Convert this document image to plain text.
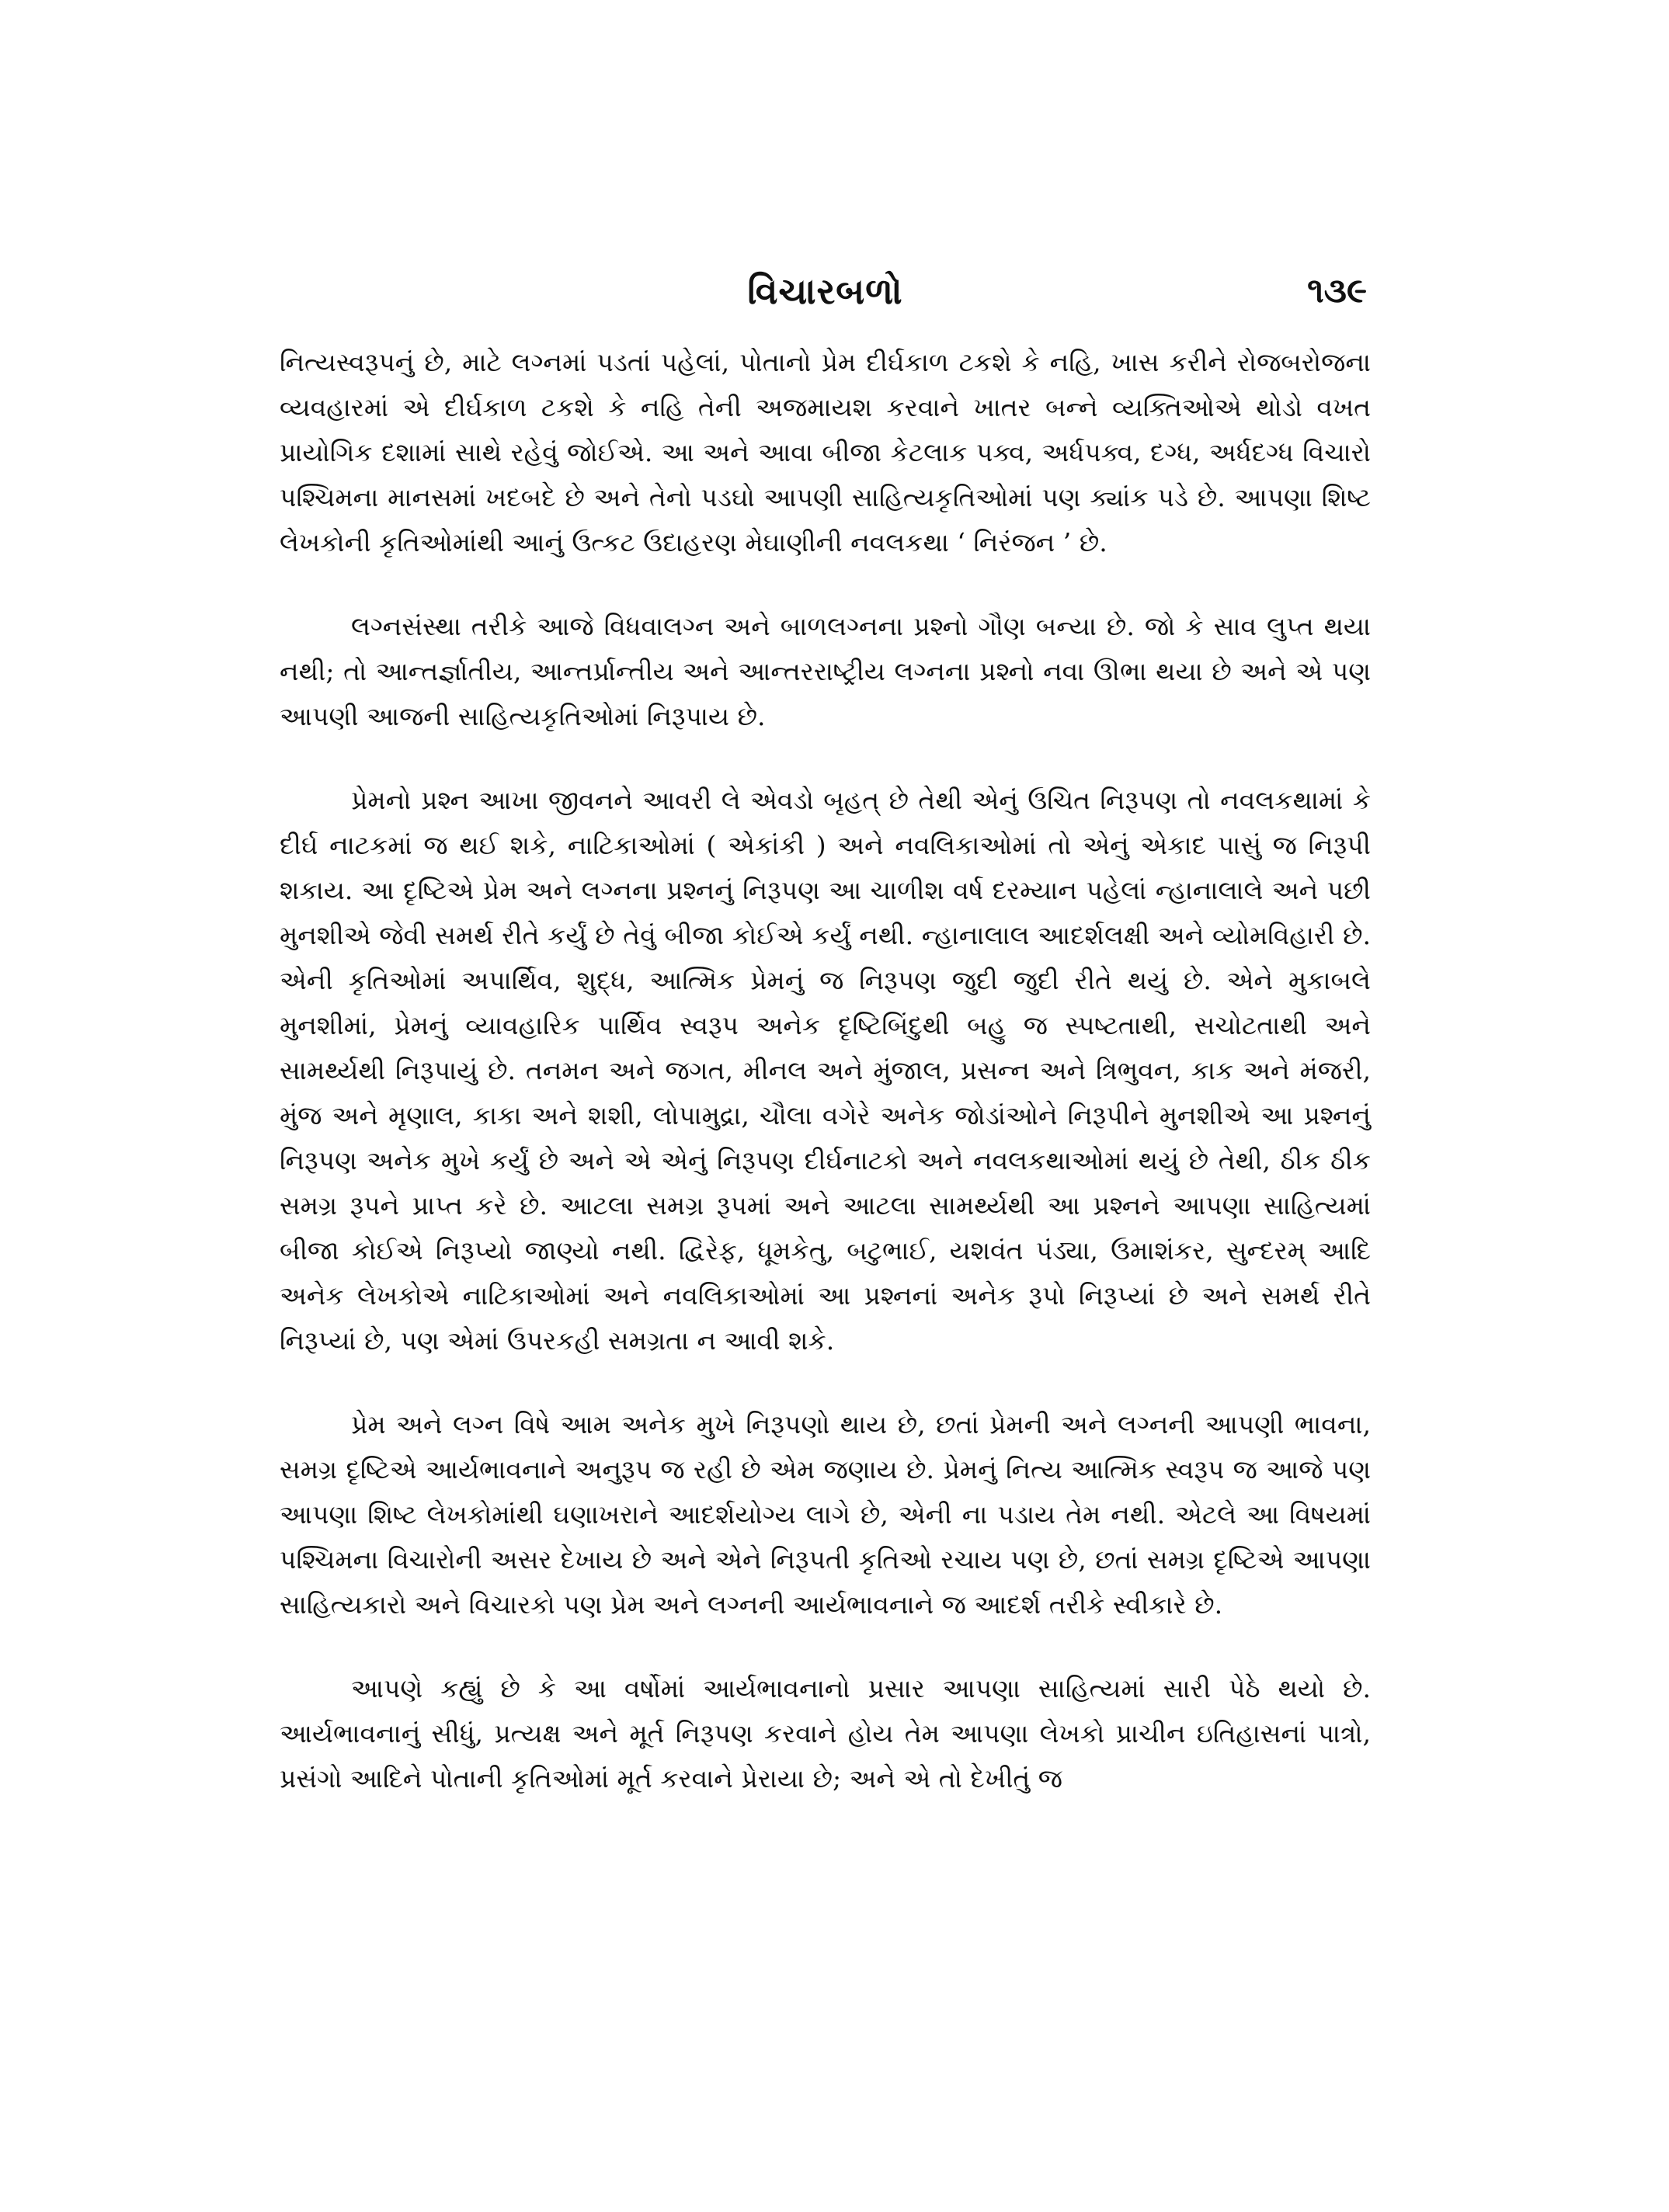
વિચારબળો	૧૩૯

નિત્યસ્વરૂપનું છે, માટે લગ્નમાં પડતાં પહેલાં, પોતાનો પ્રેમ દીર્ઘકાળ ટકશે કે નહિ, ખાસ કરીને રોજબરોજના વ્યવહારમાં એ દીર્ઘકાળ ટકશે કે નહિ તેની અજમાયશ કરવાને ખાતર બન્ને વ્યક્તિઓએ થોડો વખત પ્રાયોગિક દશામાં સાથે રહેવું જોઈએ. આ અને આવા બીજા કેટલાક પક્વ, અર્ધપક્વ, દગ્ધ, અર્ધદગ્ધ વિચારો પશ્ચિમના માનસમાં ખદબદે છે અને તેનો પડઘો આપણી સાહિત્યકૃતિઓમાં પણ ક્યાંક પડે છે. આપણા શિષ્ટ લેખકોની કૃતિઓમાંથી આનું ઉત્કટ ઉદાહરણ મેઘાણીની નવલકથા ‘ નિરંજન ’ છે.

લગ્નસંસ્થા તરીકે આજે વિધવાલગ્ન અને બાળલગ્નના પ્રશ્નો ગૌણ બન્યા છે. જો કે સાવ લુપ્ત થયા નથી; તો આન્તર્જ્ઞાતીય, આન્તર્પ્રાન્તીય અને આન્તરરાષ્ટ્રીય લગ્નના પ્રશ્નો નવા ઊભા થયા છે અને એ પણ આપણી આજની સાહિત્યકૃતિઓમાં નિરૂપાય છે.

પ્રેમનો પ્રશ્ન આખા જીવનને આવરી લે એવડો બૃહત્ છે તેથી એનું ઉચિત નિરૂપણ તો નવલકથામાં કે દીર્ઘ નાટકમાં જ થઈ શકે, નાટિકાઓમાં ( એકાંકી ) અને નવલિકાઓમાં તો એનું એકાદ પાસું જ નિરૂપી શકાય. આ દૃષ્ટિએ પ્રેમ અને લગ્નના પ્રશ્નનું નિરૂપણ આ ચાળીશ વર્ષ દરમ્યાન પહેલાં ન્હાનાલાલે અને પછી મુનશીએ જેવી સમર્થ રીતે કર્યું છે તેવું બીજા કોઈએ કર્યું નથી. ન્હાનાલાલ આદર્શલક્ષી અને વ્યોમવિહારી છે. એની કૃતિઓમાં અપાર્થિવ, શુદ્ધ, આત્મિક પ્રેમનું જ નિરૂપણ જુદી જુદી રીતે થયું છે. એને મુકાબલે મુનશીમાં, પ્રેમનું વ્યાવહારિક પાર્થિવ સ્વરૂપ અનેક દૃષ્ટિબિંદુથી બહુ જ સ્પષ્ટતાથી, સચોટતાથી અને સામર્થ્યથી નિરૂપાયું છે. તનમન અને જગત, મીનલ અને મુંજાલ, પ્રસન્ન અને ત્રિભુવન, કાક અને મંજરી, મુંજ અને મૃણાલ, કાકા અને શશી, લોપામુદ્રા, ચૌલા વગેરે અનેક જોડાંઓને નિરૂપીને મુનશીએ આ પ્રશ્નનું નિરૂપણ અનેક મુખે કર્યું છે અને એ એનું નિરૂપણ દીર્ઘનાટકો અને નવલકથાઓમાં થયું છે તેથી, ઠીક ઠીક સમગ્ર રૂપને પ્રાપ્ત કરે છે. આટલા સમગ્ર રૂપમાં અને આટલા સામર્થ્યથી આ પ્રશ્નને આપણા સાહિત્યમાં બીજા કોઈએ નિરૂપ્યો જાણ્યો નથી. દ્વિરેફ, ધૂમકેતુ, બટુભાઈ, યશવંત પંડ્યા, ઉમાશંકર, સુન્દરમ્ આદિ અનેક લેખકોએ નાટિકાઓમાં અને નવલિકાઓમાં આ પ્રશ્નનાં અનેક રૂપો નિરૂપ્યાં છે અને સમર્થ રીતે નિરૂપ્યાં છે, પણ એમાં ઉપરકહી સમગ્રતા ન આવી શકે.

પ્રેમ અને લગ્ન વિષે આમ અનેક મુખે નિરૂપણો થાય છે, છતાં પ્રેમની અને લગ્નની આપણી ભાવના, સમગ્ર દૃષ્ટિએ આર્યભાવનાને અનુરૂપ જ રહી છે એમ જણાય છે. પ્રેમનું નિત્ય આત્મિક સ્વરૂપ જ આજે પણ આપણા શિષ્ટ લેખકોમાંથી ઘણાખરાને આદર્શયોગ્ય લાગે છે, એની ના પડાય તેમ નથી. એટલે આ વિષયમાં પશ્ચિમના વિચારોની અસર દેખાય છે અને એને નિરૂપતી કૃતિઓ રચાય પણ છે, છતાં સમગ્ર દૃષ્ટિએ આપણા સાહિત્યકારો અને વિચારકો પણ પ્રેમ અને લગ્નની આર્યભાવનાને જ આદર્શ તરીકે સ્વીકારે છે.

આપણે કહ્યું છે કે આ વર્ષોમાં આર્યભાવનાનો પ્રસાર આપણા સાહિત્યમાં સારી પેઠે થયો છે. આર્યભાવનાનું સીધું, પ્રત્યક્ષ અને મૂર્ત નિરૂપણ કરવાને હોય તેમ આપણા લેખકો પ્રાચીન ઇતિહાસનાં પાત્રો, પ્રસંગો આદિને પોતાની કૃતિઓમાં મૂર્ત કરવાને પ્રેરાયા છે; અને એ તો દેખીતું જ
